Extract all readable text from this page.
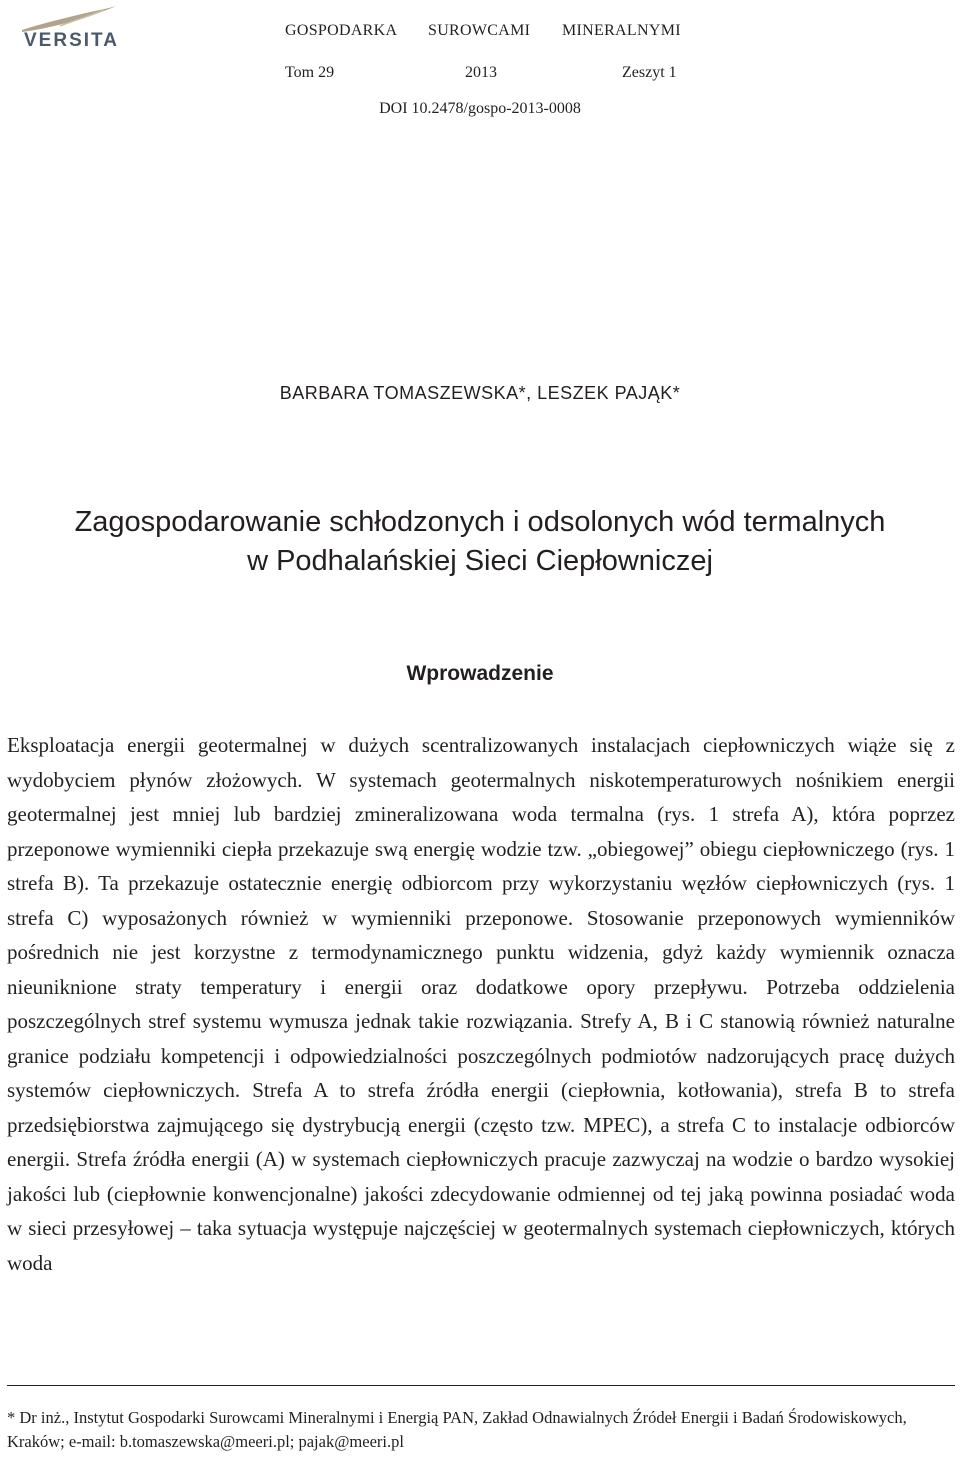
VERSITA	GOSPODARKA SUROWCAMI MINERALNYMI
Tom 29	2013	Zeszyt 1
DOI 10.2478/gospo-2013-0008
BARBARA TOMASZEWSKA*, LESZEK PAJĄK*
Zagospodarowanie schłodzonych i odsolonych wód termalnych
w Podhalańskiej Sieci Ciepłowniczej
Wprowadzenie
Eksploatacja energii geotermalnej w dużych scentralizowanych instalacjach ciepłowniczych wiąże się z wydobyciem płynów złożowych. W systemach geotermalnych niskotemperaturowych nośnikiem energii geotermalnej jest mniej lub bardziej zmineralizowana woda termalna (rys. 1 strefa A), która poprzez przeponowe wymienniki ciepła przekazuje swą energię wodzie tzw. „obiegowej” obiegu ciepłowniczego (rys. 1 strefa B). Ta przekazuje ostatecznie energię odbiorcom przy wykorzystaniu węzłów ciepłowniczych (rys. 1 strefa C) wyposażonych również w wymienniki przeponowe. Stosowanie przeponowych wymienników pośrednich nie jest korzystne z termodynamicznego punktu widzenia, gdyż każdy wymiennik oznacza nieuniknione straty temperatury i energii oraz dodatkowe opory przepływu. Potrzeba oddzielenia poszczególnych stref systemu wymusza jednak takie rozwiązania. Strefy A, B i C stanowią również naturalne granice podziału kompetencji i odpowiedzialności poszczególnych podmiotów nadzorujących pracę dużych systemów ciepłowniczych. Strefa A to strefa źródła energii (ciepłownia, kotłowania), strefa B to strefa przedsiębiorstwa zajmującego się dystrybucją energii (często tzw. MPEC), a strefa C to instalacje odbiorców energii. Strefa źródła energii (A) w systemach ciepłowniczych pracuje zazwyczaj na wodzie o bardzo wysokiej jakości lub (ciepłownie konwencjonalne) jakości zdecydowanie odmiennej od tej jaką powinna posiadać woda w sieci przesyłowej – taka sytuacja występuje najczęściej w geotermalnych systemach ciepłowniczych, których woda
* Dr inż., Instytut Gospodarki Surowcami Mineralnymi i Energią PAN, Zakład Odnawialnych Źródeł Energii i Badań Środowiskowych, Kraków; e-mail: b.tomaszewska@meeri.pl; pajak@meeri.pl
